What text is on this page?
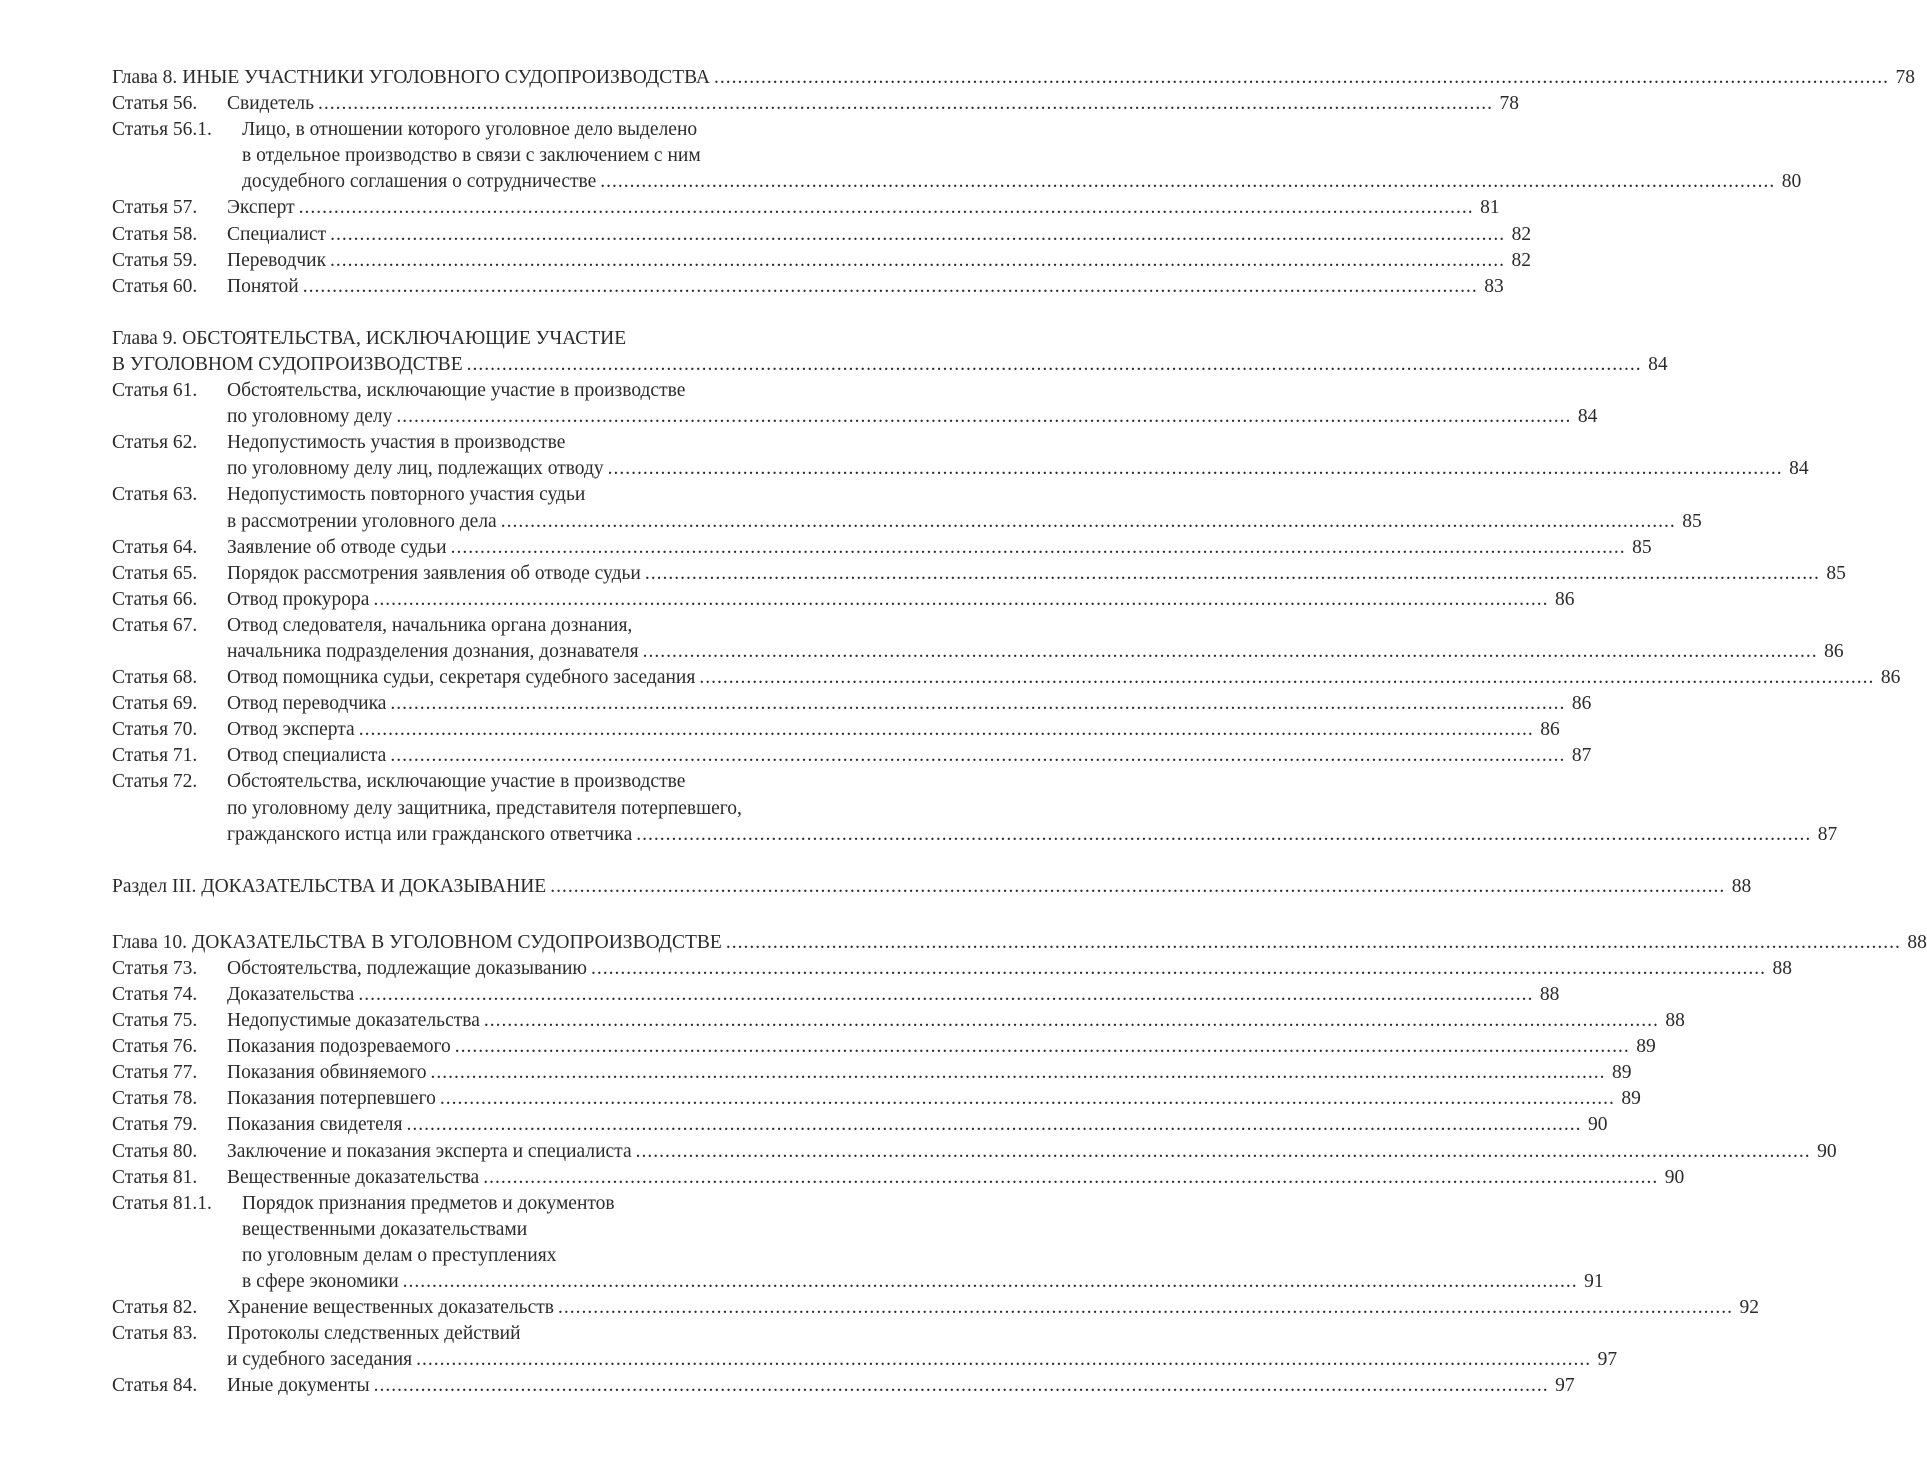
Глава 8. ИНЫЕ УЧАСТНИКИ УГОЛОВНОГО СУДОПРОИЗВОДСТВА ........................................................................................................................................................................................................ 78
Статья 56.	Свидетель ........................................................................................................................................................................................................ 78
Статья 56.1.	Лицо, в отношении которого уголовное дело выделено
в отдельное производство в связи с заключением с ним
досудебного соглашения о сотрудничестве ........................................................................................................................................................................................................ 80
Статья 57.	Эксперт ........................................................................................................................................................................................................ 81
Статья 58.	Специалист ........................................................................................................................................................................................................ 82
Статья 59.	Переводчик ........................................................................................................................................................................................................ 82
Статья 60.	Понятой ........................................................................................................................................................................................................ 83
Глава 9. ОБСТОЯТЕЛЬСТВА, ИСКЛЮЧАЮЩИЕ УЧАСТИЕ
В УГОЛОВНОМ СУДОПРОИЗВОДСТВЕ ........................................................................................................................................................................................................ 84
Статья 61.	Обстоятельства, исключающие участие в производстве
по уголовному делу ........................................................................................................................................................................................................ 84
Статья 62.	Недопустимость участия в производстве
по уголовному делу лиц, подлежащих отводу ........................................................................................................................................................................................................ 84
Статья 63.	Недопустимость повторного участия судьи
в рассмотрении уголовного дела ........................................................................................................................................................................................................ 85
Статья 64.	Заявление об отводе судьи ........................................................................................................................................................................................................ 85
Статья 65.	Порядок рассмотрения заявления об отводе судьи ........................................................................................................................................................................................................ 85
Статья 66.	Отвод прокурора ........................................................................................................................................................................................................ 86
Статья 67.	Отвод следователя, начальника органа дознания,
начальника подразделения дознания, дознавателя ........................................................................................................................................................................................................ 86
Статья 68.	Отвод помощника судьи, секретаря судебного заседания ........................................................................................................................................................................................................ 86
Статья 69.	Отвод переводчика ........................................................................................................................................................................................................ 86
Статья 70.	Отвод эксперта ........................................................................................................................................................................................................ 86
Статья 71.	Отвод специалиста ........................................................................................................................................................................................................ 87
Статья 72.	Обстоятельства, исключающие участие в производстве
по уголовному делу защитника, представителя потерпевшего,
гражданского истца или гражданского ответчика ........................................................................................................................................................................................................ 87
Раздел III. ДОКАЗАТЕЛЬСТВА И ДОКАЗЫВАНИЕ ........................................................................................................................................................................................................ 88
Глава 10. ДОКАЗАТЕЛЬСТВА В УГОЛОВНОМ СУДОПРОИЗВОДСТВЕ ........................................................................................................................................................................................................ 88
Статья 73.	Обстоятельства, подлежащие доказыванию ........................................................................................................................................................................................................ 88
Статья 74.	Доказательства ........................................................................................................................................................................................................ 88
Статья 75.	Недопустимые доказательства ........................................................................................................................................................................................................ 88
Статья 76.	Показания подозреваемого ........................................................................................................................................................................................................ 89
Статья 77.	Показания обвиняемого ........................................................................................................................................................................................................ 89
Статья 78.	Показания потерпевшего ........................................................................................................................................................................................................ 89
Статья 79.	Показания свидетеля ........................................................................................................................................................................................................ 90
Статья 80.	Заключение и показания эксперта и специалиста ........................................................................................................................................................................................................ 90
Статья 81.	Вещественные доказательства ........................................................................................................................................................................................................ 90
Статья 81.1.	Порядок признания предметов и документов
вещественными доказательствами
по уголовным делам о преступлениях
в сфере экономики ........................................................................................................................................................................................................ 91
Статья 82.	Хранение вещественных доказательств ........................................................................................................................................................................................................ 92
Статья 83.	Протоколы следственных действий
и судебного заседания ........................................................................................................................................................................................................ 97
Статья 84.	Иные документы ........................................................................................................................................................................................................ 97
